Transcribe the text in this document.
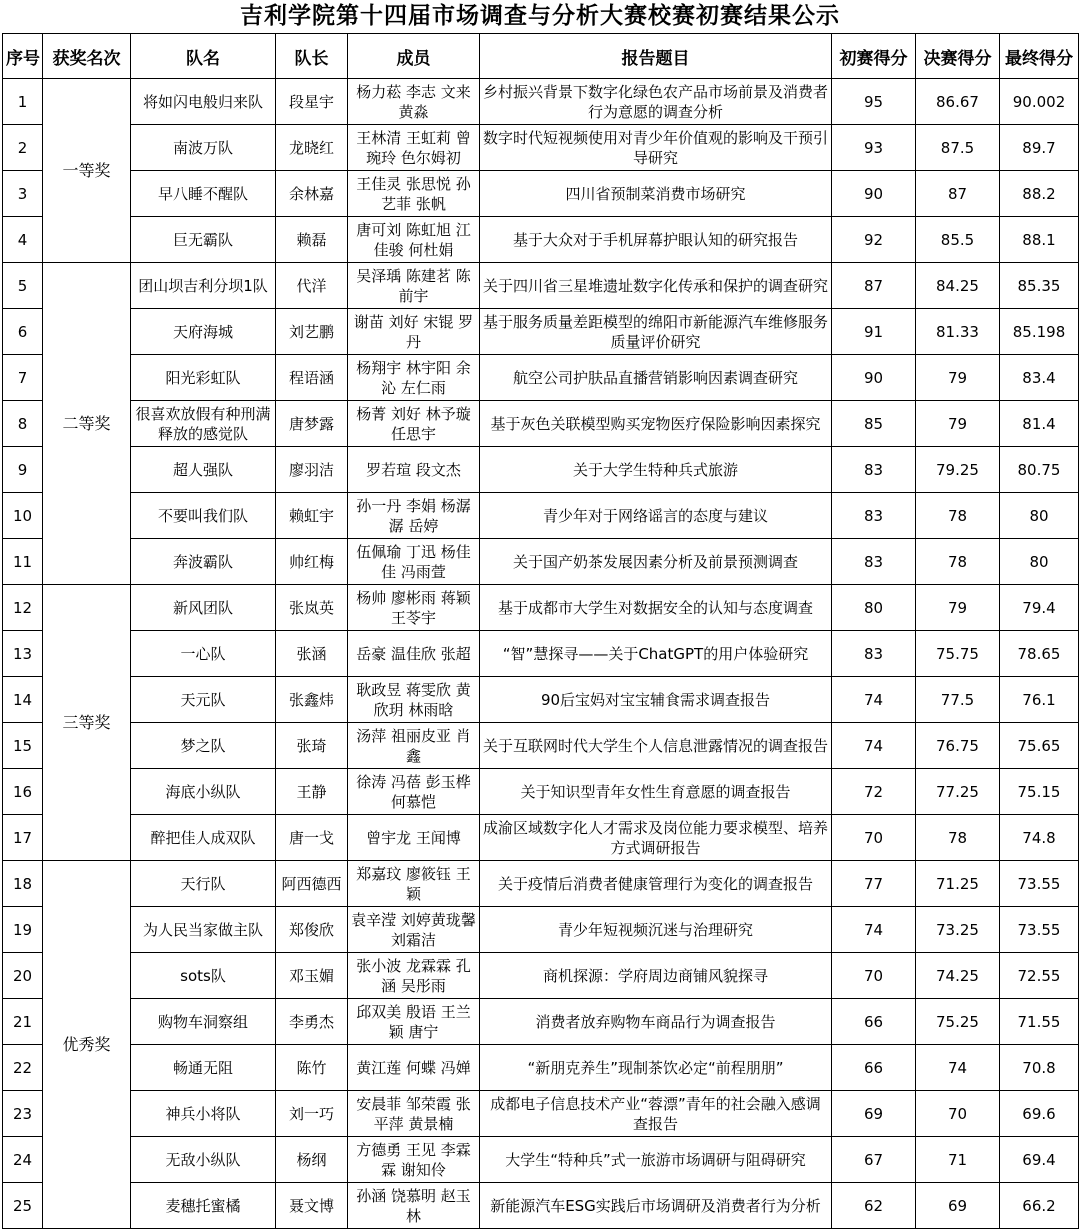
吉利学院第十四届市场调查与分析大赛校赛初赛结果公示
序号	获奖名次	队名	队长	成员	报告题目	初赛得分	决赛得分	最终得分
1	一等奖	将如闪电般归来队	段星宇	杨力菘 李志 文来 黄淼	乡村振兴背景下数字化绿色农产品市场前景及消费者行为意愿的调查分析	95	86.67	90.002
2		南波万队	龙晓红	王林清 王虹莉 曾琬玲 色尔姆初	数字时代短视频使用对青少年价值观的影响及干预引导研究	93	87.5	89.7
3		早八睡不醒队	余林嘉	王佳灵 张思悦 孙艺菲 张帆	四川省预制菜消费市场研究	90	87	88.2
4		巨无霸队	赖磊	唐可刘 陈虹旭 江佳骏 何杜娟	基于大众对于手机屏幕护眼认知的研究报告	92	85.5	88.1
5	二等奖	团山坝吉利分坝1队	代洋	吴泽瑀 陈建茗 陈前宇	关于四川省三星堆遗址数字化传承和保护的调查研究	87	84.25	85.35
6		天府海城	刘艺鹏	谢苗 刘好 宋锟 罗丹	基于服务质量差距模型的绵阳市新能源汽车维修服务质量评价研究	91	81.33	85.198
7		阳光彩虹队	程语涵	杨翔宇 林宇阳 余沁 左仁雨	航空公司护肤品直播营销影响因素调查研究	90	79	83.4
8		很喜欢放假有种刑满释放的感觉队	唐梦露	杨菁 刘好 林予璇 任思宇	基于灰色关联模型购买宠物医疗保险影响因素探究	85	79	81.4
9		超人强队	廖羽洁	罗若瑄 段文杰	关于大学生特种兵式旅游	83	79.25	80.75
10		不要叫我们队	赖虹宇	孙一丹 李娟 杨潺潺 岳婷	青少年对于网络谣言的态度与建议	83	78	80
11		奔波霸队	帅红梅	伍佩瑜 丁迅 杨佳佳 冯雨萱	关于国产奶茶发展因素分析及前景预测调查	83	78	80
12	三等奖	新风团队	张岚英	杨帅 廖彬雨 蒋颖 王苓宇	基于成都市大学生对数据安全的认知与态度调查	80	79	79.4
13		一心队	张涵	岳豪 温佳欣 张超	“智”慧探寻——关于ChatGPT的用户体验研究	83	75.75	78.65
14		天元队	张鑫炜	耿政昱 蒋雯欣 黄欣玥 林雨晗	90后宝妈对宝宝辅食需求调查报告	74	77.5	76.1
15		梦之队	张琦	汤萍 祖丽皮亚 肖鑫	关于互联网时代大学生个人信息泄露情况的调查报告	74	76.75	75.65
16		海底小纵队	王静	徐涛 冯蓓 彭玉桦 何慕恺	关于知识型青年女性生育意愿的调查报告	72	77.25	75.15
17		醉把佳人成双队	唐一戈	曾宇龙 王闻博	成渝区域数字化人才需求及岗位能力要求模型、培养方式调研报告	70	78	74.8
18	优秀奖	天行队	阿西德西	郑嘉玟 廖筱钰 王颖	关于疫情后消费者健康管理行为变化的调查报告	77	71.25	73.55
19		为人民当家做主队	郑俊欣	袁辛滢 刘婷黄珑馨 刘霜洁	青少年短视频沉迷与治理研究	74	73.25	73.55
20		sots队	邓玉媚	张小波 龙霖霖 孔涵 吴彤雨	商机探源：学府周边商铺风貌探寻	70	74.25	72.55
21		购物车洞察组	李勇杰	邱双美 殷语 王兰颖 唐宁	消费者放弃购物车商品行为调查报告	66	75.25	71.55
22		畅通无阻	陈竹	黄江莲 何蝶 冯婵	“新朋克养生”现制茶饮必定“前程朋朋”	66	74	70.8
23		神兵小将队	刘一巧	安晨菲 邹荣霞 张平萍 黄景楠	成都电子信息技术产业“蓉漂”青年的社会融入感调查报告	69	70	69.6
24		无敌小纵队	杨纲	方德勇 王见 李霖霖 谢知伶	大学生“特种兵”式一旅游市场调研与阻碍研究	67	71	69.4
25		麦穗托蜜橘	聂文博	孙涵 饶慕明 赵玉林	新能源汽车ESG实践后市场调研及消费者行为分析	62	69	66.2
